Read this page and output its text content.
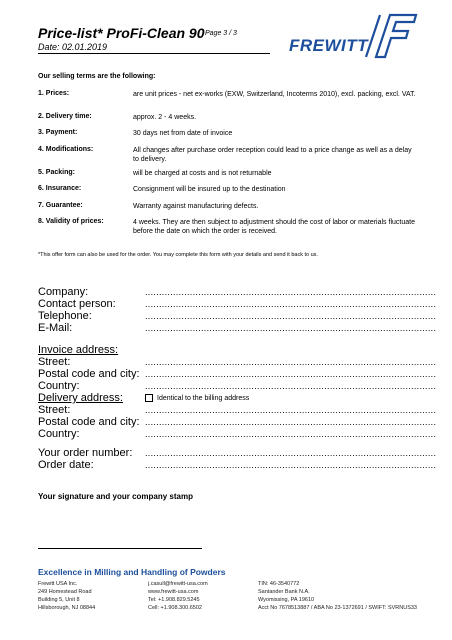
Price-list* ProFi-Clean 90 Page 3 / 3
Date: 02.01.2019	FREWITT
Our selling terms are the following:
1. Prices:	are unit prices - net ex-works (EXW, Switzerland, Incoterms 2010), excl. packing, excl. VAT.
2. Delivery time:	approx. 2 - 4 weeks.
3. Payment:	30 days net from date of invoice
4. Modifications:	All changes after purchase order reception could lead to a price change as well as a delay to delivery.
5. Packing:	will be charged at costs and is not returnable
6. Insurance:	Consignment will be insured up to the destination
7. Guarantee:	Warranty against manufacturing defects.
8. Validity of prices:	4 weeks. They are then subject to adjustment should the cost of labor or materials fluctuate before the date on which the order is received.
*This offer form can also be used for the order. You may complete this form with your details and send it back to us.
Company:	........................................................................................................
Contact person:	........................................................................................................
Telephone:	........................................................................................................
E-Mail:	........................................................................................................
Invoice address:
Street:	........................................................................................................
Postal code and city: ........................................................................................................
Country:	........................................................................................................
Delivery address:	Identical to the billing address
Street:	........................................................................................................
Postal code and city: ........................................................................................................
Country:	........................................................................................................
Your order number: ........................................................................................................
Order date:	........................................................................................................
Your signature and your company stamp
Excellence in Milling and Handling of Powders
Frewitt USA Inc.
249 Homestead Road
Building 5, Unit 8
Hillsborough, NJ 08844
j.casull@frewitt-usa.com
www.frewitt-usa.com
Tel: +1.908.829.5245
Cell: +1.908.300.6502
TIN: 46-3540772
Santander Bank N.A.
Wyomissing, PA 19610
Acct No 7678513887 / ABA No 23-1372691 / SWIFT: SVRNUS33
